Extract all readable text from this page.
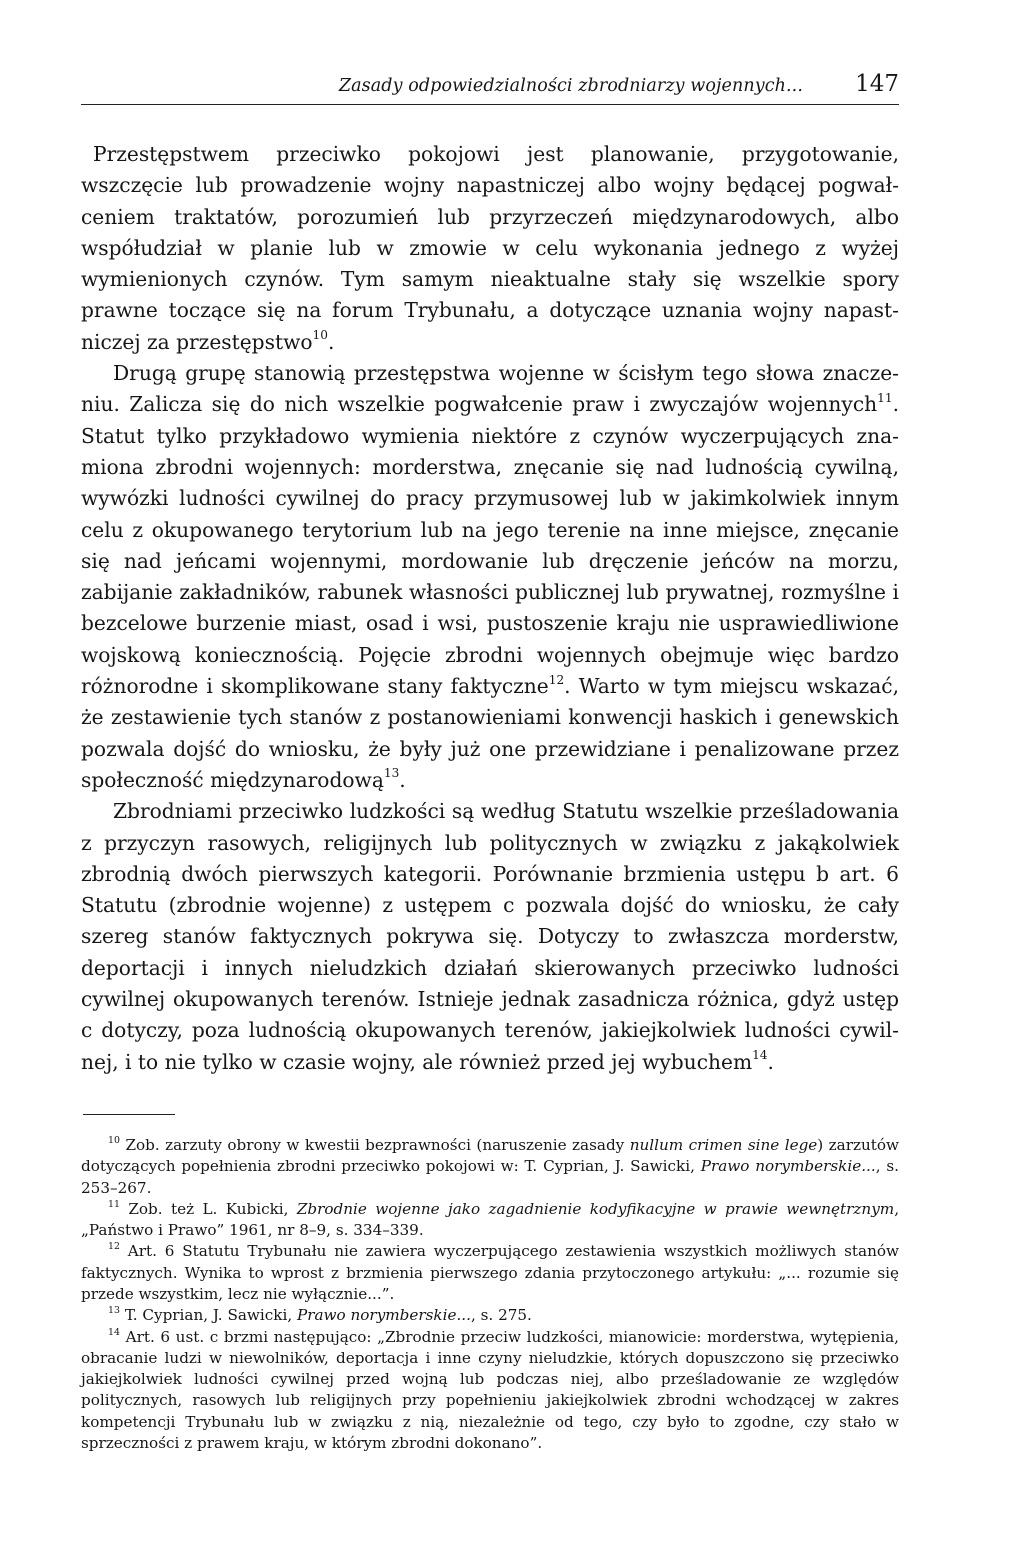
Zasady odpowiedzialności zbrodniarzy wojennych... 147

Przestępstwem przeciwko pokojowi jest planowanie, przygotowanie, wszczęcie lub prowadzenie wojny napastniczej albo wojny będącej pogwałceniem traktatów, porozumień lub przyrzeczeń międzynarodowych, albo współudział w planie lub w zmowie w celu wykonania jednego z wyżej wymienionych czynów. Tym samym nieaktualne stały się wszelkie spory prawne toczące się na forum Trybunału, a dotyczące uznania wojny napastniczej za przestępstwo$^{10}$.

Drugą grupę stanowią przestępstwa wojenne w ścisłym tego słowa znaczeniu. Zalicza się do nich wszelkie pogwałcenie praw i zwyczajów wojennych$^{11}$. Statut tylko przykładowo wymienia niektóre z czynów wyczerpujących znamiona zbrodni wojennych: morderstwa, znęcanie się nad ludnością cywilną, wywózki ludności cywilnej do pracy przymusowej lub w jakimkolwiek innym celu z okupowanego terytorium lub na jego terenie na inne miejsce, znęcanie się nad jeńcami wojennymi, mordowanie lub dręczenie jeńców na morzu, zabijanie zakładników, rabunek własności publicznej lub prywatnej, rozmyślne i bezcelowe burzenie miast, osad i wsi, pustoszenie kraju nie usprawiedliwione wojskową koniecznością. Pojęcie zbrodni wojennych obejmuje więc bardzo różnorodne i skomplikowane stany faktyczne$^{12}$. Warto w tym miejscu wskazać, że zestawienie tych stanów z postanowieniami konwencji haskich i genewskich pozwala dojść do wniosku, że były już one przewidziane i penalizowane przez społeczność międzynarodową$^{13}$.

Zbrodniami przeciwko ludzkości są według Statutu wszelkie prześladowania z przyczyn rasowych, religijnych lub politycznych w związku z jakąkolwiek zbrodnią dwóch pierwszych kategorii. Porównanie brzmienia ustępu b art. 6 Statutu (zbrodnie wojenne) z ustępem c pozwala dojść do wniosku, że cały szereg stanów faktycznych pokrywa się. Dotyczy to zwłaszcza morderstw, deportacji i innych nieludzkich działań skierowanych przeciwko ludności cywilnej okupowanych terenów. Istnieje jednak zasadnicza różnica, gdyż ustęp c dotyczy, poza ludnością okupowanych terenów, jakiejkolwiek ludności cywilnej, i to nie tylko w czasie wojny, ale również przed jej wybuchem$^{14}$.

$^{10}$ Zob. zarzuty obrony w kwestii bezprawności (naruszenie zasady nullum crimen sine lege) zarzutów dotyczących popełnienia zbrodni przeciwko pokojowi w: T. Cyprian, J. Sawicki, Prawo norymberskie..., s. 253–267.

$^{11}$ Zob. też L. Kubicki, Zbrodnie wojenne jako zagadnienie kodyfikacyjne w prawie wewnętrznym, „Państwo i Prawo” 1961, nr 8–9, s. 334–339.

$^{12}$ Art. 6 Statutu Trybunału nie zawiera wyczerpującego zestawienia wszystkich możliwych stanów faktycznych. Wynika to wprost z brzmienia pierwszego zdania przytoczonego artykułu: „... rozumie się przede wszystkim, lecz nie wyłącznie...”.

$^{13}$ T. Cyprian, J. Sawicki, Prawo norymberskie..., s. 275.

$^{14}$ Art. 6 ust. c brzmi następująco: „Zbrodnie przeciw ludzkości, mianowicie: morderstwa, wytępienia, obracanie ludzi w niewolników, deportacja i inne czyny nieludzkie, których dopuszczono się przeciwko jakiejkolwiek ludności cywilnej przed wojną lub podczas niej, albo prześladowanie ze względów politycznych, rasowych lub religijnych przy popełnieniu jakiejkolwiek zbrodni wchodzącej w zakres kompetencji Trybunału lub w związku z nią, niezależnie od tego, czy było to zgodne, czy stało w sprzeczności z prawem kraju, w którym zbrodni dokonano”.
